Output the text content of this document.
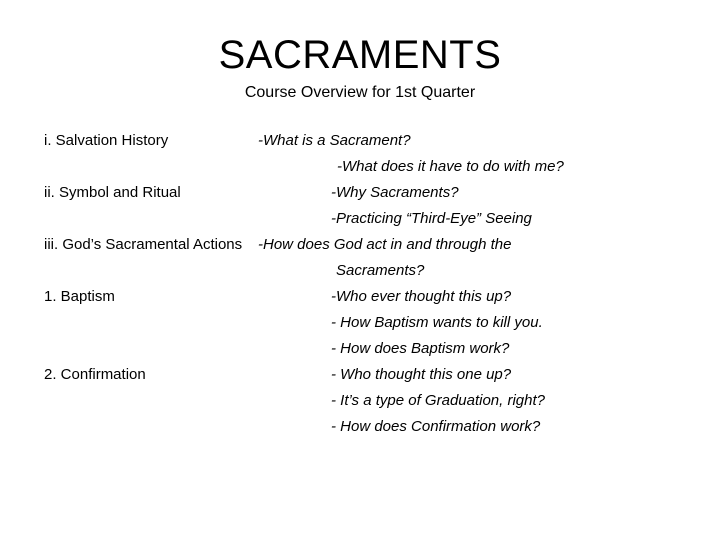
SACRAMENTS
Course Overview for 1st Quarter
i. Salvation History	-What is a Sacrament?
-What does it have to do with me?
ii. Symbol and Ritual	-Why Sacraments?
-Practicing “Third-Eye” Seeing
iii. God’s Sacramental Actions -How does God act in and through the
Sacraments?
1. Baptism	-Who ever thought this up?
- How Baptism wants to kill you.
- How does Baptism work?
2. Confirmation	- Who thought this one up?
- It’s a type of Graduation, right?
- How does Confirmation work?
